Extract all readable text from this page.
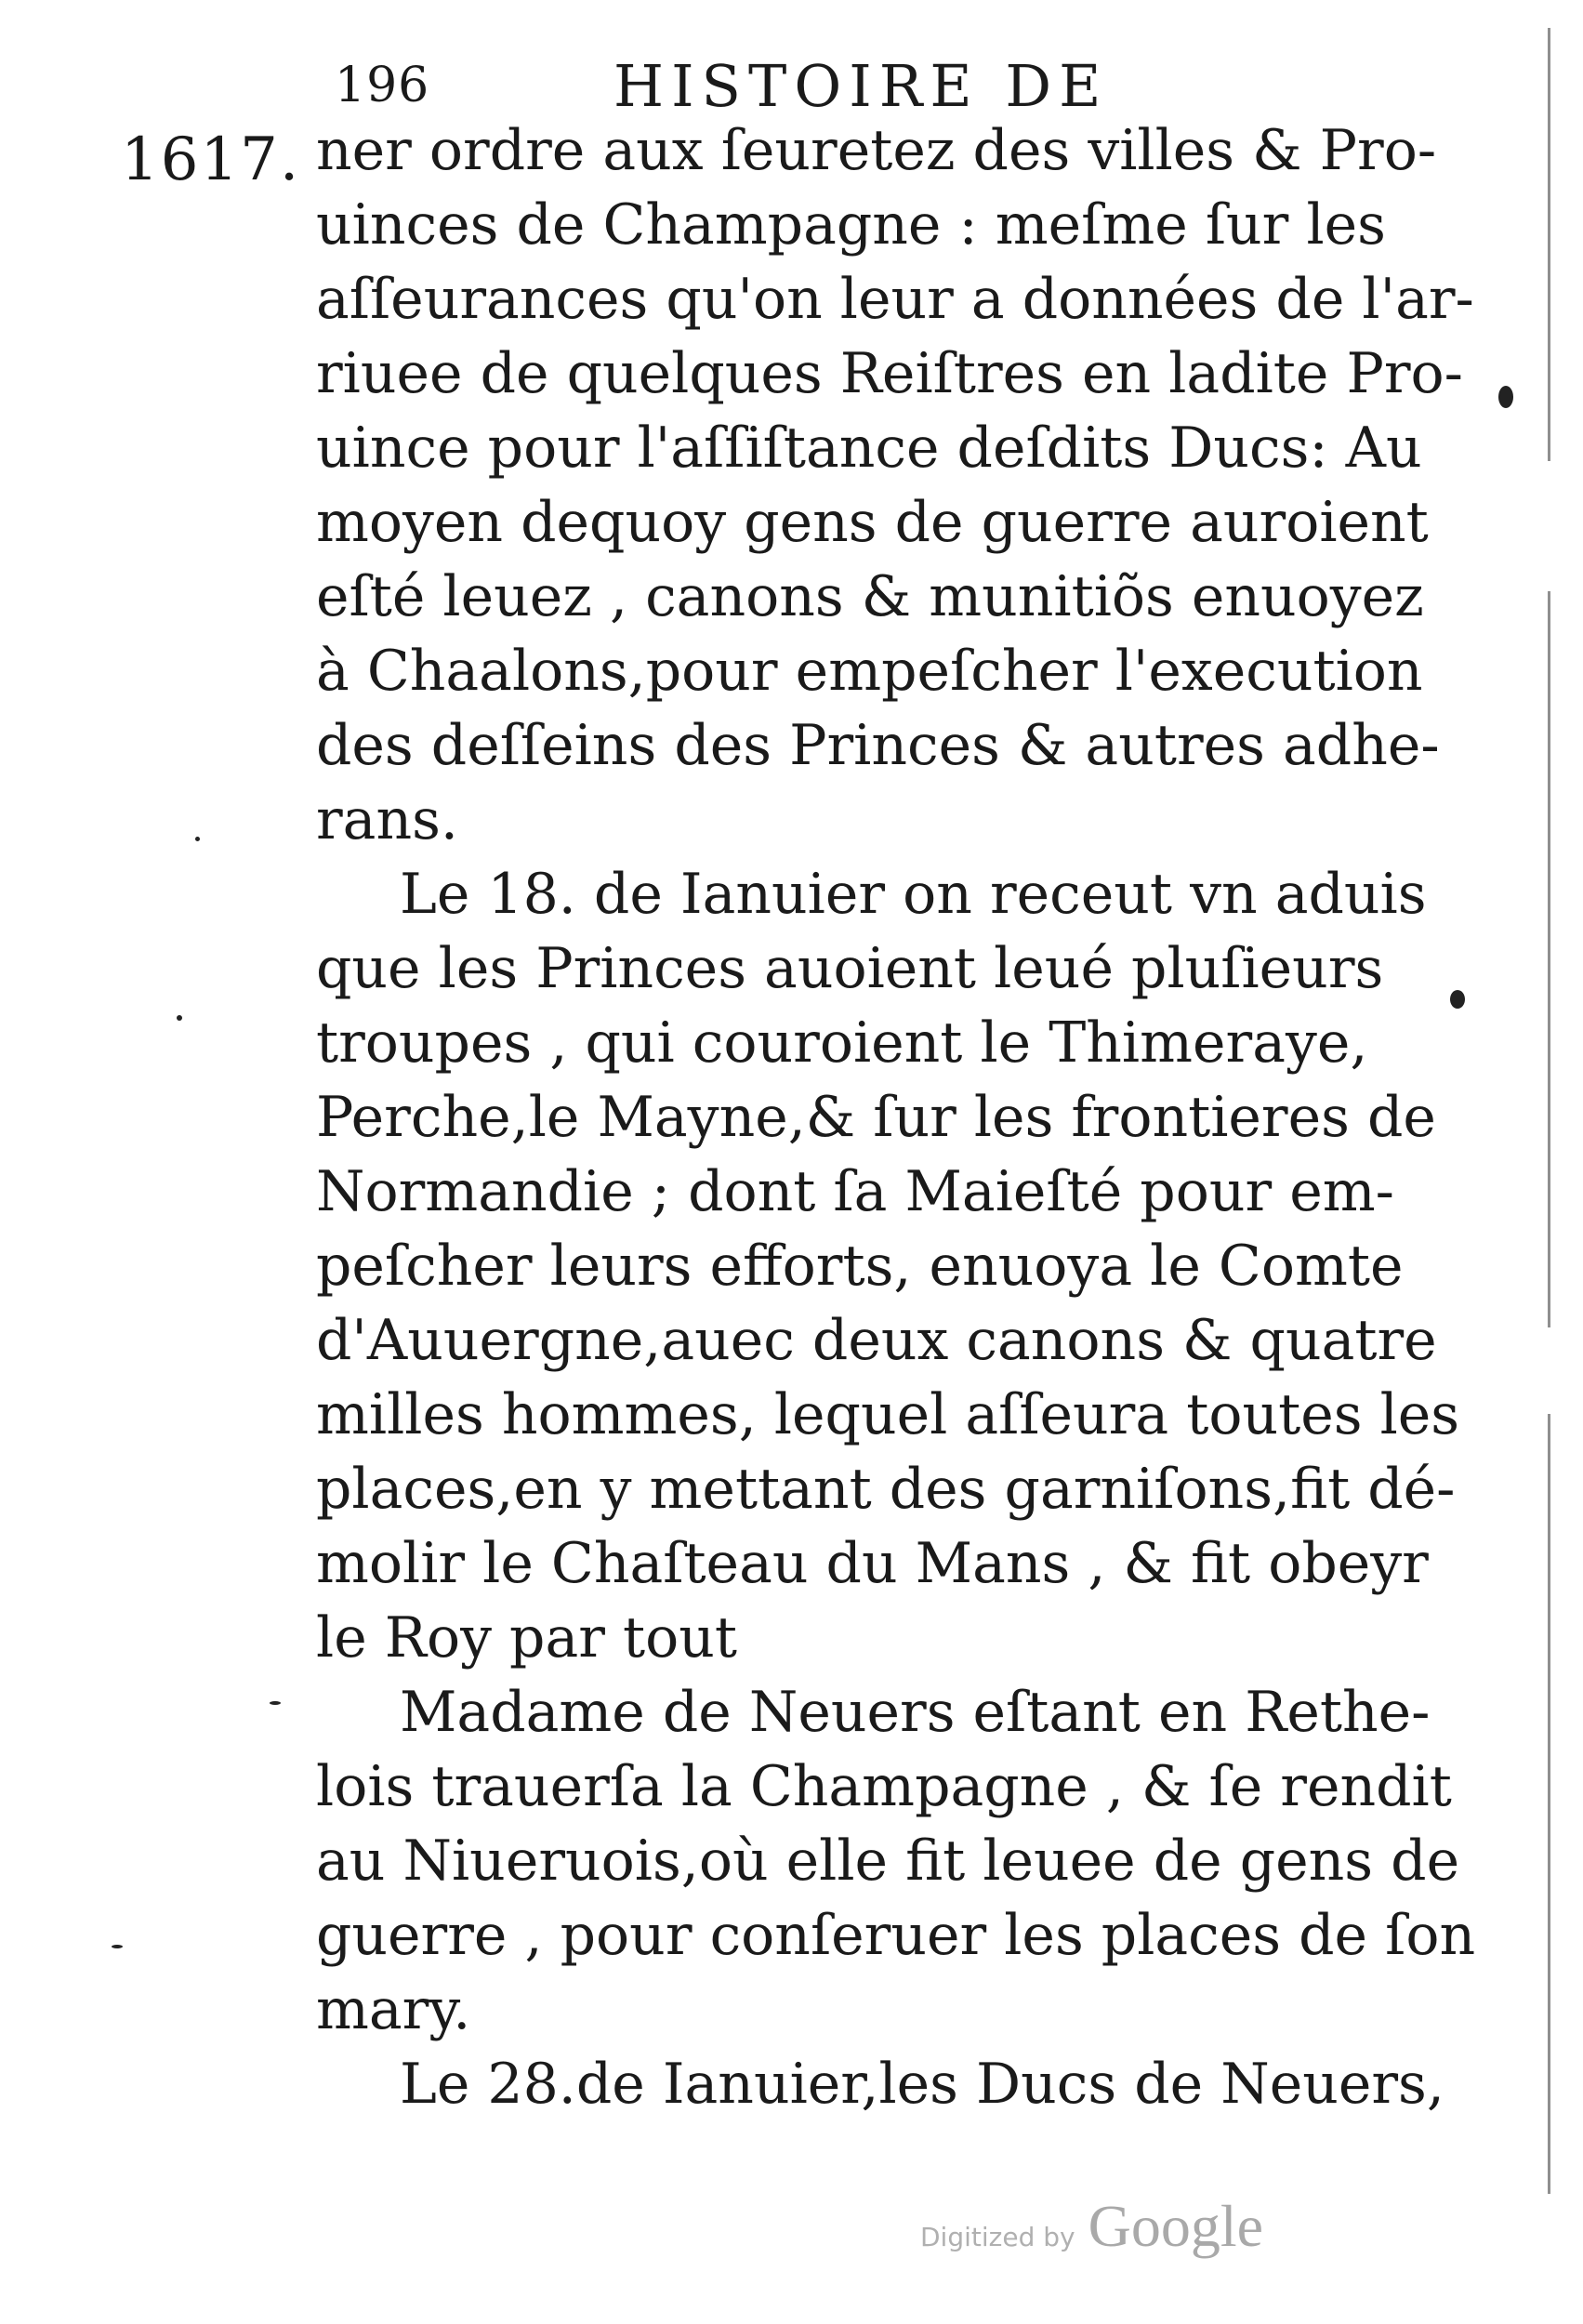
196	HISTOIRE DE
1617. ner ordre aux ſeuretez des villes & Pro-
uinces de Champagne : meſme ſur les
aſſeurances qu'on leur a données de l'ar-
riuee de quelques Reiſtres en ladite Pro-
uince pour l'aſſiſtance deſdits Ducs: Au
moyen dequoy gens de guerre auroient
eſté leuez , canons & munitiõs enuoyez
à Chaalons,pour empeſcher l'execution
des deſſeins des Princes & autres adhe-
rans.
Le 18. de Ianuier on receut vn aduis
que les Princes auoient leué pluſieurs
troupes , qui couroient le Thimeraye,
Perche,le Mayne,& ſur les frontieres de
Normandie ; dont ſa Maieſté pour em-
peſcher leurs efforts, enuoya le Comte
d'Auuergne,auec deux canons & quatre
milles hommes, lequel aſſeura toutes les
places,en y mettant des garniſons,fit dé-
molir le Chaſteau du Mans , & fit obeyr
le Roy par tout
Madame de Neuers eſtant en Rethe-
lois trauerſa la Champagne , & ſe rendit
au Niueruois,où elle fit leuee de gens de
guerre , pour conſeruer les places de ſon
mary.
Le 28.de Ianuier,les Ducs de Neuers,
Digitized by Google
